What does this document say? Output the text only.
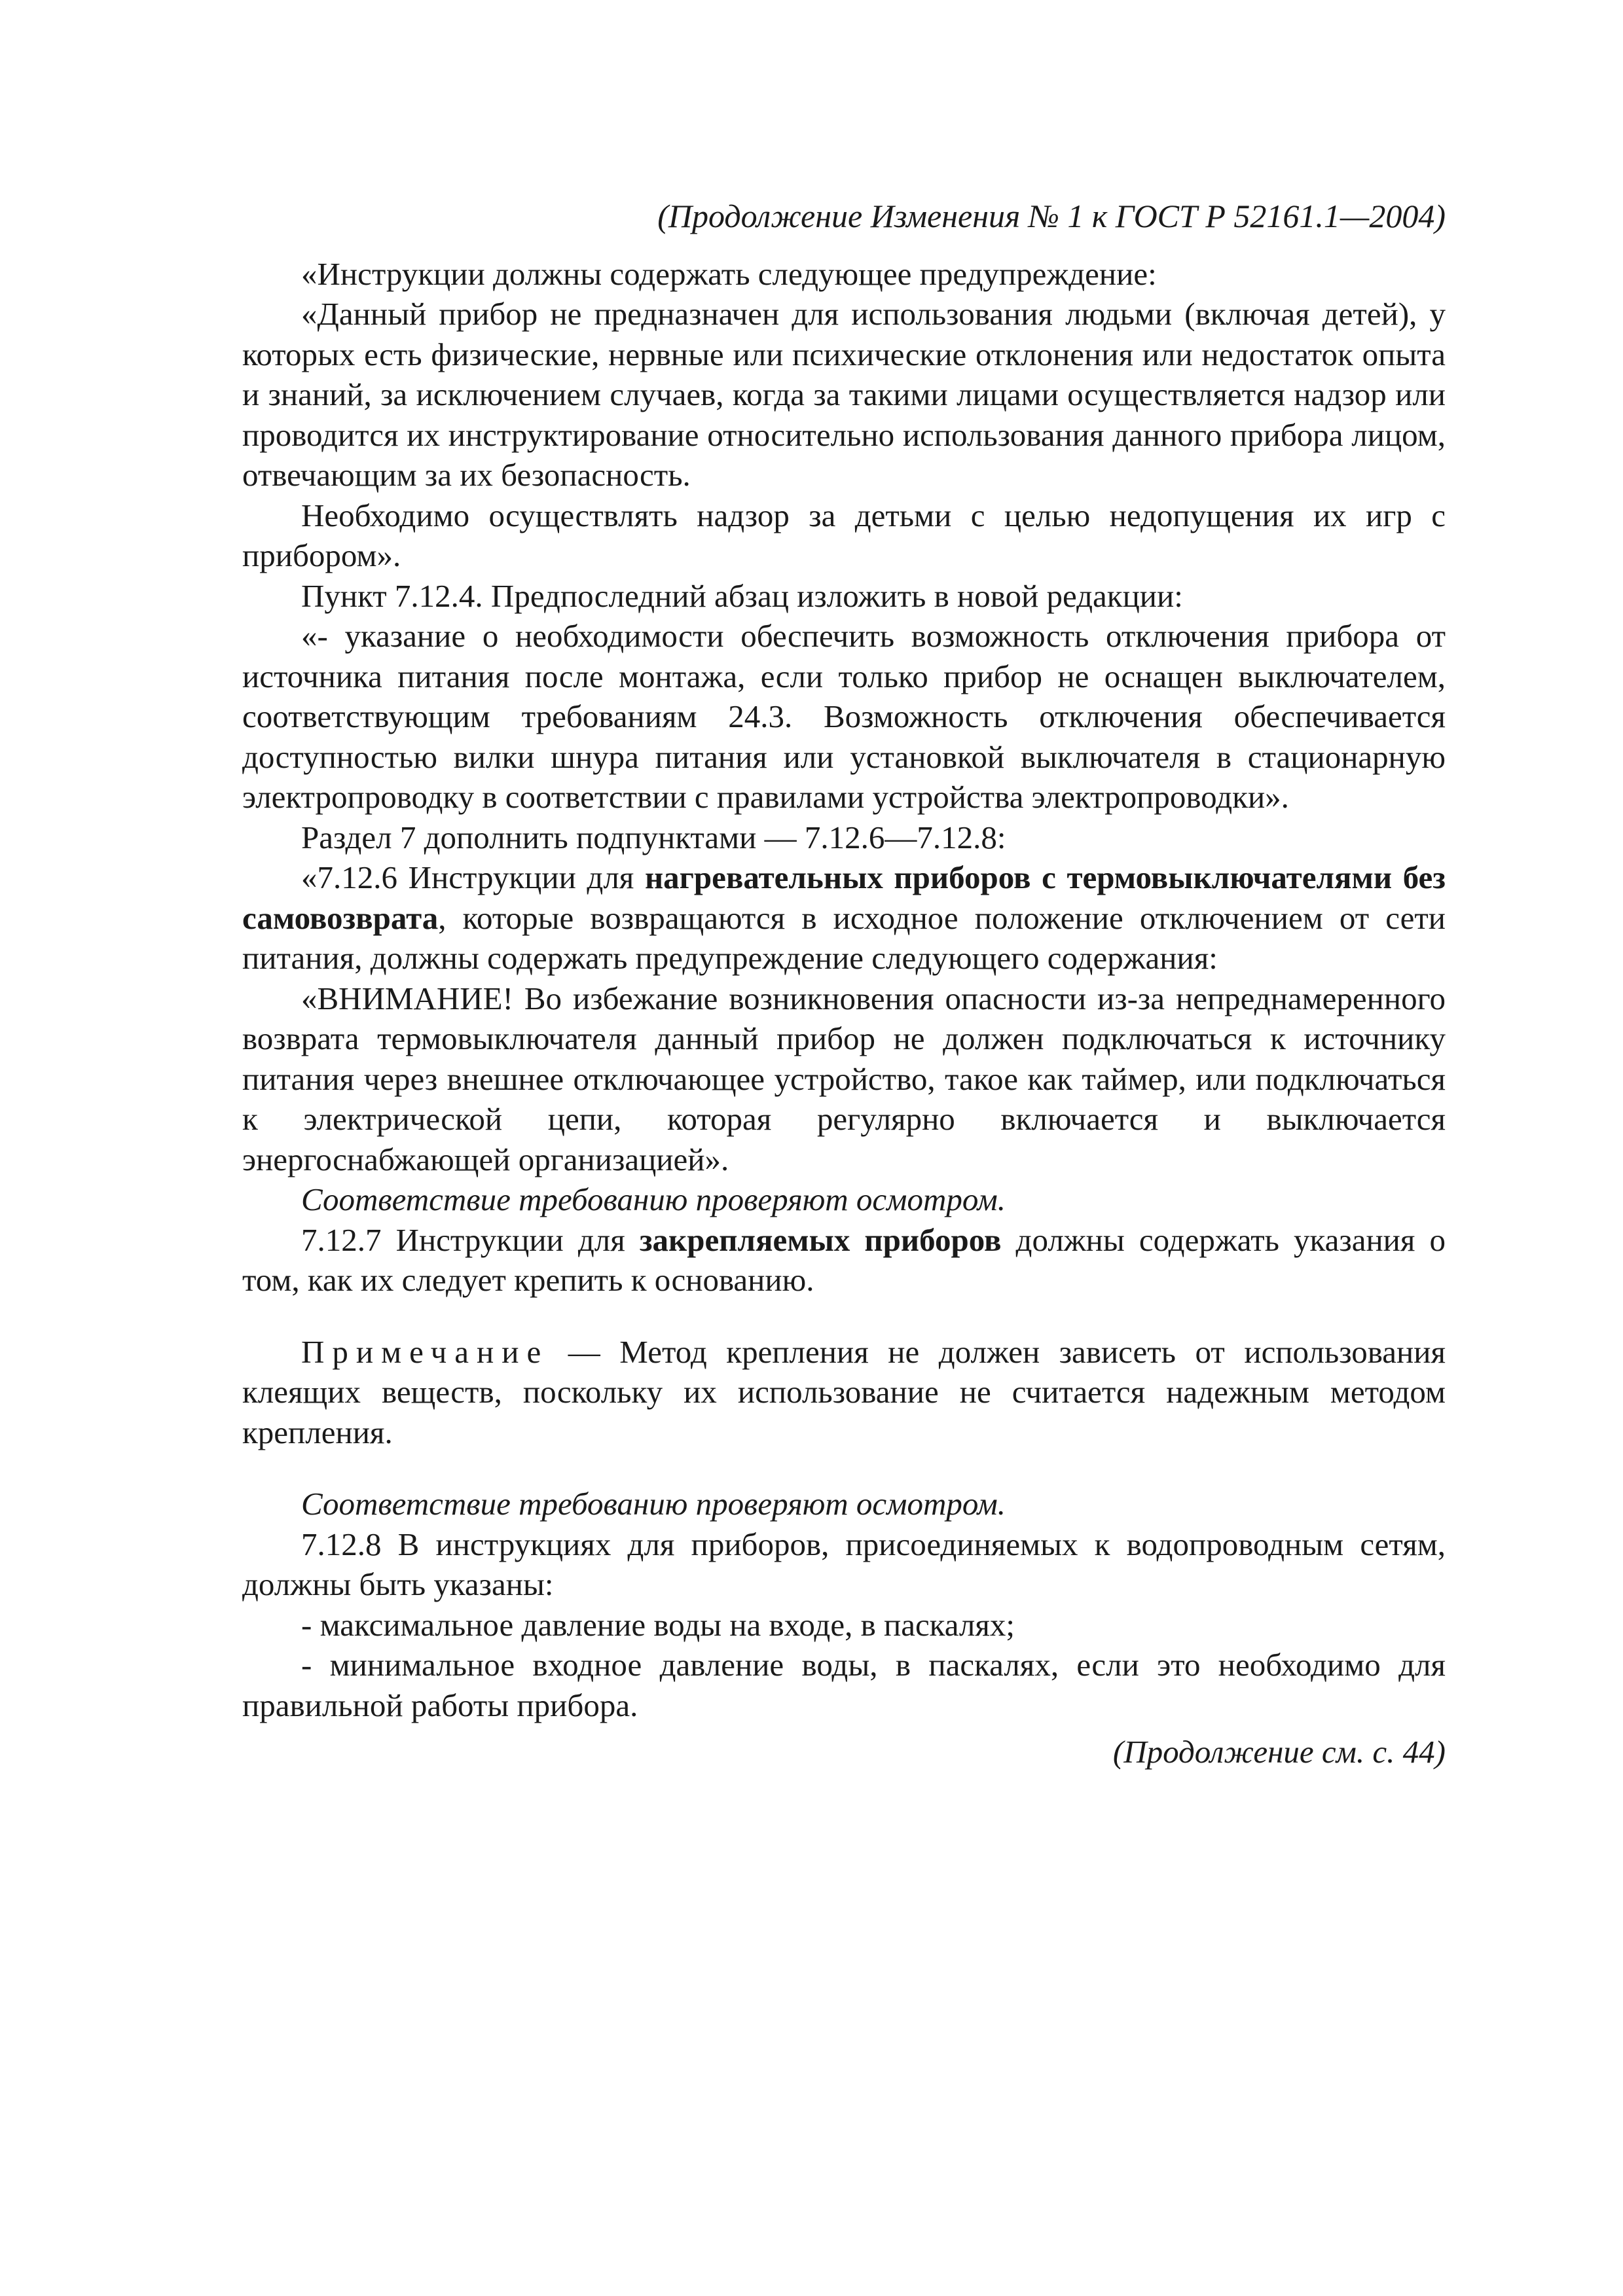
(Продолжение Изменения № 1 к ГОСТ Р 52161.1—2004)

«Инструкции должны содержать следующее предупреждение:

«Данный прибор не предназначен для использования людьми (включая детей), у которых есть физические, нервные или психические отклонения или недостаток опыта и знаний, за исключением случаев, когда за такими лицами осуществляется надзор или проводится их инструктирование относительно использования данного прибора лицом, отвечающим за их безопасность.

Необходимо осуществлять надзор за детьми с целью недопущения их игр с прибором».

Пункт 7.12.4. Предпоследний абзац изложить в новой редакции:

«- указание о необходимости обеспечить возможность отключения прибора от источника питания после монтажа, если только прибор не оснащен выключателем, соответствующим требованиям 24.3. Возможность отключения обеспечивается доступностью вилки шнура питания или установкой выключателя в стационарную электропроводку в соответствии с правилами устройства электропроводки».

Раздел 7 дополнить подпунктами — 7.12.6—7.12.8:

«7.12.6 Инструкции для нагревательных приборов с термовыключателями без самовозврата, которые возвращаются в исходное положение отключением от сети питания, должны содержать предупреждение следующего содержания:

«ВНИМАНИЕ! Во избежание возникновения опасности из-за непреднамеренного возврата термовыключателя данный прибор не должен подключаться к источнику питания через внешнее отключающее устройство, такое как таймер, или подключаться к электрической цепи, которая регулярно включается и выключается энергоснабжающей организацией».

Соответствие требованию проверяют осмотром.

7.12.7 Инструкции для закрепляемых приборов должны содержать указания о том, как их следует крепить к основанию.

Примечание — Метод крепления не должен зависеть от использования клеящих веществ, поскольку их использование не считается надежным методом крепления.

Соответствие требованию проверяют осмотром.

7.12.8 В инструкциях для приборов, присоединяемых к водопроводным сетям, должны быть указаны:

- максимальное давление воды на входе, в паскалях;

- минимальное входное давление воды, в паскалях, если это необходимо для правильной работы прибора.

(Продолжение см. с. 44)
